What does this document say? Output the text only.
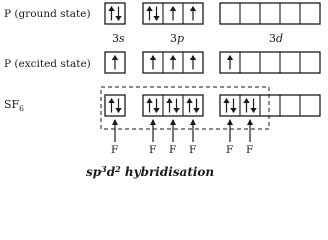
P (ground state)
P (excited state)
$SF_6$
3s	3p	3d
F	F F F	F F
$sp^3d^2$ hybridisation
